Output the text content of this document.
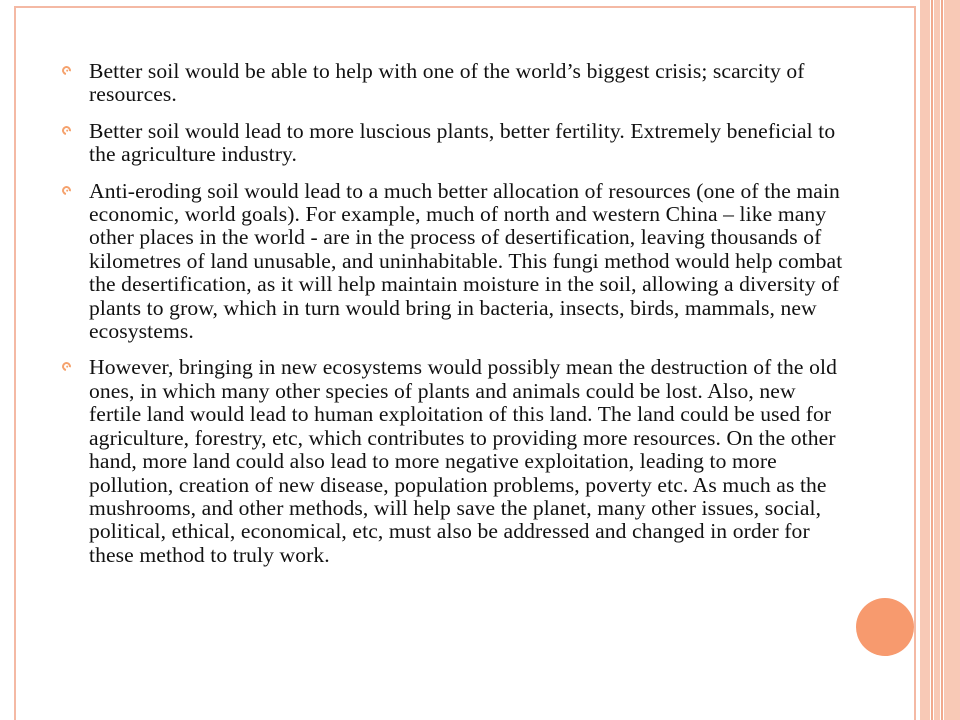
Better soil would be able to help with one of the world’s biggest crisis; scarcity of resources.
Better soil would lead to more luscious plants, better fertility. Extremely beneficial to the agriculture industry.
Anti-eroding soil would lead to a much better allocation of resources (one of the main economic, world goals). For example, much of north and western China – like many other places in the world - are in the process of desertification, leaving thousands of kilometres of land unusable, and uninhabitable. This fungi method would help combat the desertification, as it will help maintain moisture in the soil, allowing a diversity of plants to grow, which in turn would bring in bacteria, insects, birds, mammals, new ecosystems.
However, bringing in new ecosystems would possibly mean the destruction of the old ones, in which many other species of plants and animals could be lost. Also, new fertile land would lead to human exploitation of this land. The land could be used for agriculture, forestry, etc, which contributes to providing more resources. On the other hand, more land could also lead to more negative exploitation, leading to more pollution, creation of new disease, population problems, poverty etc. As much as the mushrooms, and other methods, will help save the planet, many other issues, social, political, ethical, economical, etc, must also be addressed and changed in order for these method to truly work.
